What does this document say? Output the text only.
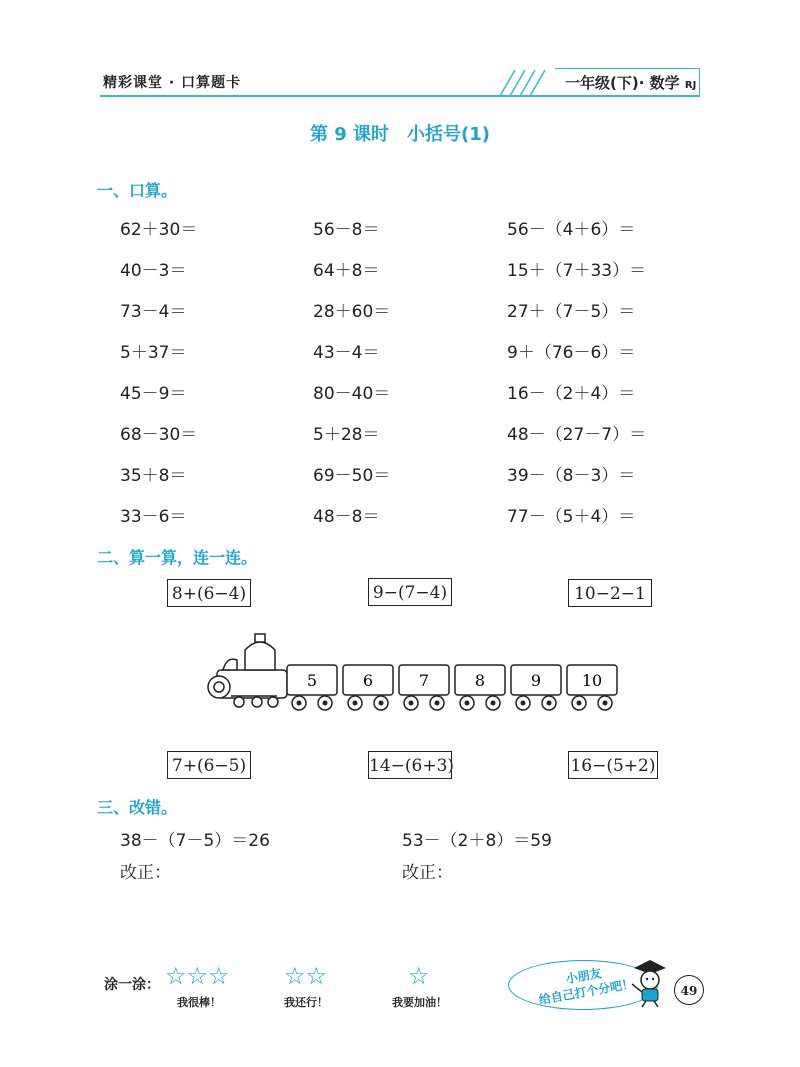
精彩课堂 · 口算题卡	一年级(下)· 数学 RJ
第 9 课时　小括号(1)
一、口算。
62＋30＝	56－8＝	56－（4＋6）＝
40－3＝	64＋8＝	15＋（7＋33）＝
73－4＝	28＋60＝	27＋（7－5）＝
5＋37＝	43－4＝	9＋（76－6）＝
45－9＝	80－40＝	16－（2＋4）＝
68－30＝	5＋28＝	48－（27－7）＝
35＋8＝	69－50＝	39－（8－3）＝
33－6＝	48－8＝	77－（5＋4）＝
二、算一算，连一连。
8+(6−4)	9−(7−4)	10−2−1
5	6	7	8	9	10
7+(6−5)	14−(6+3)	16−(5+2)
三、改错。
38－（7－5）＝26
改正：
53－（2＋8）＝59
改正：
涂一涂： ☆☆☆
我很棒！
☆☆
我还行！
☆
我要加油！
小朋友
给自己打个分吧！	49
